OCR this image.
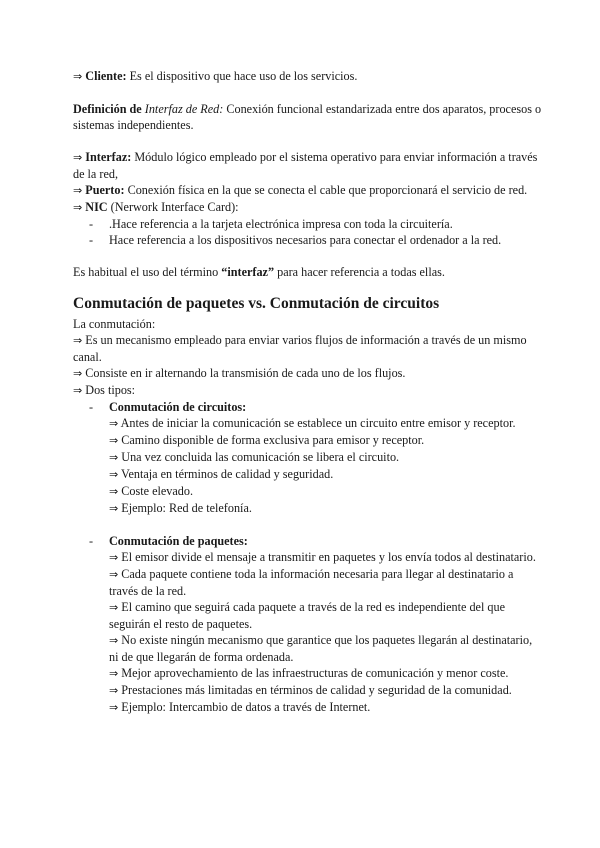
⇒ Cliente: Es el dispositivo que hace uso de los servicios.

Definición de Interfaz de Red: Conexión funcional estandarizada entre dos aparatos, procesos o sistemas independientes.

⇒ Interfaz: Módulo lógico empleado por el sistema operativo para enviar información a través de la red,

⇒ Puerto: Conexión física en la que se conecta el cable que proporcionará el servicio de red.

⇒ NIC (Nerwork Interface Card):

- .Hace referencia a la tarjeta electrónica impresa con toda la circuitería.

- Hace referencia a los dispositivos necesarios para conectar el ordenador a la red.

Es habitual el uso del término “interfaz” para hacer referencia a todas ellas.

Conmutación de paquetes vs. Conmutación de circuitos

La conmutación:

⇒ Es un mecanismo empleado para enviar varios flujos de información a través de un mismo canal.

⇒ Consiste en ir alternando la transmisión de cada uno de los flujos.

⇒ Dos tipos:

- Conmutación de circuitos:

⇒ Antes de iniciar la comunicación se establece un circuito entre emisor y receptor.

⇒ Camino disponible de forma exclusiva para emisor y receptor.

⇒ Una vez concluida las comunicación se libera el circuito.

⇒ Ventaja en términos de calidad y seguridad.

⇒ Coste elevado.

⇒ Ejemplo: Red de telefonía.

- Conmutación de paquetes:

⇒ El emisor divide el mensaje a transmitir en paquetes y los envía todos al destinatario.

⇒ Cada paquete contiene toda la información necesaria para llegar al destinatario a través de la red.

⇒ El camino que seguirá cada paquete a través de la red es independiente del que seguirán el resto de paquetes.

⇒ No existe ningún mecanismo que garantice que los paquetes llegarán al destinatario, ni de que llegarán de forma ordenada.

⇒ Mejor aprovechamiento de las infraestructuras de comunicación y menor coste.

⇒ Prestaciones más limitadas en términos de calidad y seguridad de la comunidad.

⇒ Ejemplo: Intercambio de datos a través de Internet.
